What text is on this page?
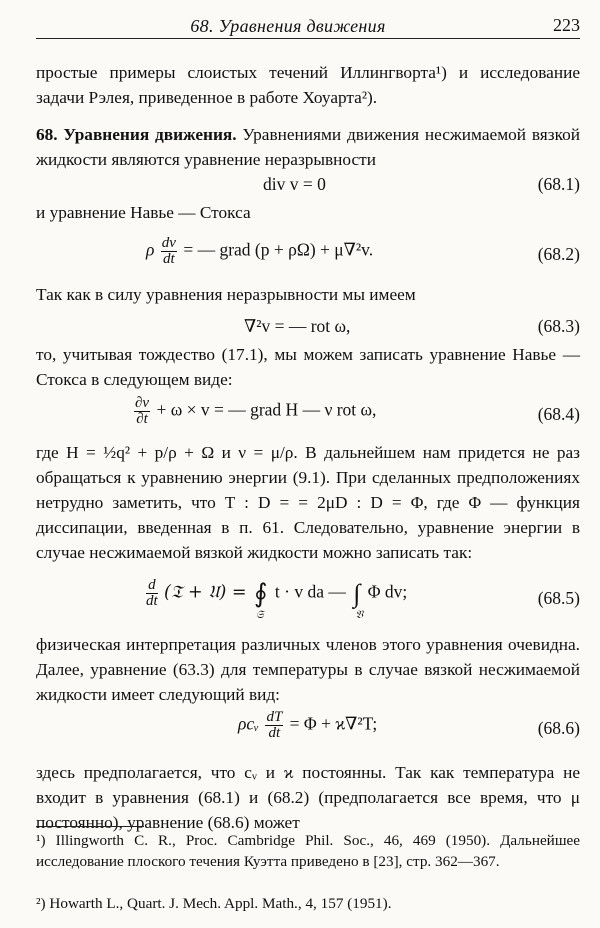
68. Уравнения движения	223
простые примеры слоистых течений Иллингворта¹) и исследование задачи Рэлея, приведенное в работе Хоуарта²).
68. Уравнения движения. Уравнениями движения несжимаемой вязкой жидкости являются уравнение неразрывности
div v = 0	(68.1)
и уравнение Навье — Стокса
ρ $\frac{dv}{dt}$ = — grad (p + ρΩ) + μ∇²v.	(68.2)
Так как в силу уравнения неразрывности мы имеем
∇²v = — rot ω,	(68.3)
то, учитывая тождество (17.1), мы можем записать уравнение Навье — Стокса в следующем виде:
$\frac{\partial v}{\partial t} + \omega \times v$ = — grad H — ν rot ω,	(68.4)
где H = ½q² + p/ρ + Ω и ν = μ/ρ. В дальнейшем нам придется не раз обращаться к уравнению энергии (9.1). При сделанных предположениях нетрудно заметить, что T : D = = 2μD : D = Φ, где Φ — функция диссипации, введенная в п. 61. Следовательно, уравнение энергии в случае несжимаемой вязкой жидкости можно записать так:
$\frac{d}{dt}$ (𝔗 + 𝔘) = ∮
𝔖
t · v da — ∫
𝔙
Φ dv;	(68.5)
физическая интерпретация различных членов этого уравнения очевидна. Далее, уравнение (63.3) для температуры в случае вязкой несжимаемой жидкости имеет следующий вид:
ρcᵥ $\frac{dT}{dt} = \Phi + ϰ\nabla^2T$;	(68.6)
здесь предполагается, что cᵥ и ϰ постоянны. Так как температура не входит в уравнения (68.1) и (68.2) (предполагается все время, что μ постоянно), уравнение (68.6) может
¹) Illingworth C. R., Proc. Cambridge Phil. Soc., 46, 469 (1950). Дальнейшее исследование плоского течения Куэтта приведено в [23], стр. 362—367.
²) Howarth L., Quart. J. Mech. Appl. Math., 4, 157 (1951).
